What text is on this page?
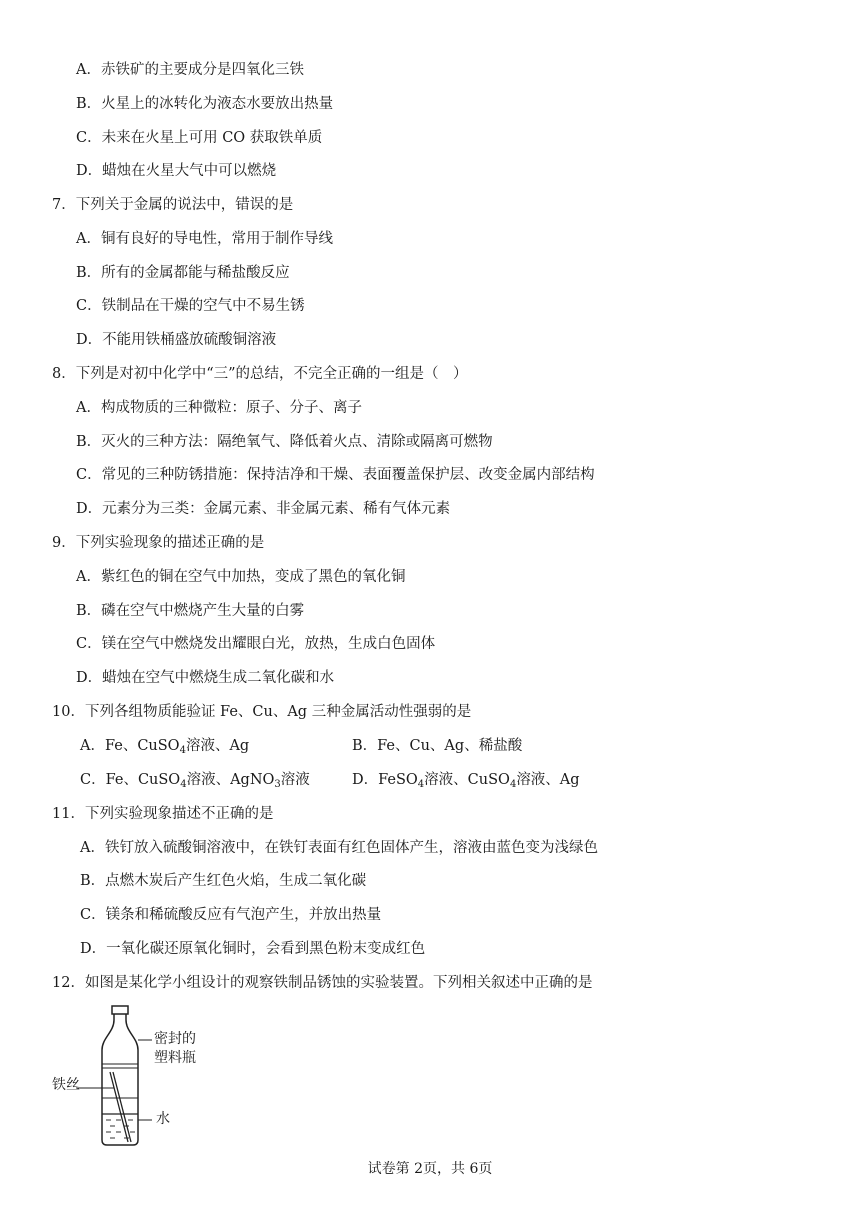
A．赤铁矿的主要成分是四氧化三铁
B．火星上的冰转化为液态水要放出热量
C．未来在火星上可用 CO 获取铁单质
D．蜡烛在火星大气中可以燃烧
7．下列关于金属的说法中，错误的是
A．铜有良好的导电性，常用于制作导线
B．所有的金属都能与稀盐酸反应
C．铁制品在干燥的空气中不易生锈
D．不能用铁桶盛放硫酸铜溶液
8．下列是对初中化学中“三”的总结，不完全正确的一组是（　）
A．构成物质的三种微粒：原子、分子、离子
B．灭火的三种方法：隔绝氧气、降低着火点、清除或隔离可燃物
C．常见的三种防锈措施：保持洁净和干燥、表面覆盖保护层、改变金属内部结构
D．元素分为三类：金属元素、非金属元素、稀有气体元素
9．下列实验现象的描述正确的是
A．紫红色的铜在空气中加热，变成了黑色的氧化铜
B．磷在空气中燃烧产生大量的白雾
C．镁在空气中燃烧发出耀眼白光，放热，生成白色固体
D．蜡烛在空气中燃烧生成二氧化碳和水
10．下列各组物质能验证 Fe、Cu、Ag 三种金属活动性强弱的是
A．Fe、CuSO$_4$溶液、Ag	B．Fe、Cu、Ag、稀盐酸
C．Fe、CuSO$_4$溶液、AgNO$_3$溶液	D．FeSO$_4$溶液、CuSO$_4$溶液、Ag
11．下列实验现象描述不正确的是
A．铁钉放入硫酸铜溶液中，在铁钉表面有红色固体产生，溶液由蓝色变为浅绿色
B．点燃木炭后产生红色火焰，生成二氧化碳
C．镁条和稀硫酸反应有气泡产生，并放出热量
D．一氧化碳还原氧化铜时，会看到黑色粉末变成红色
12．如图是某化学小组设计的观察铁制品锈蚀的实验装置。下列相关叙述中正确的是
密封的
塑料瓶
铁丝
水
试卷第 2页，共 6页
